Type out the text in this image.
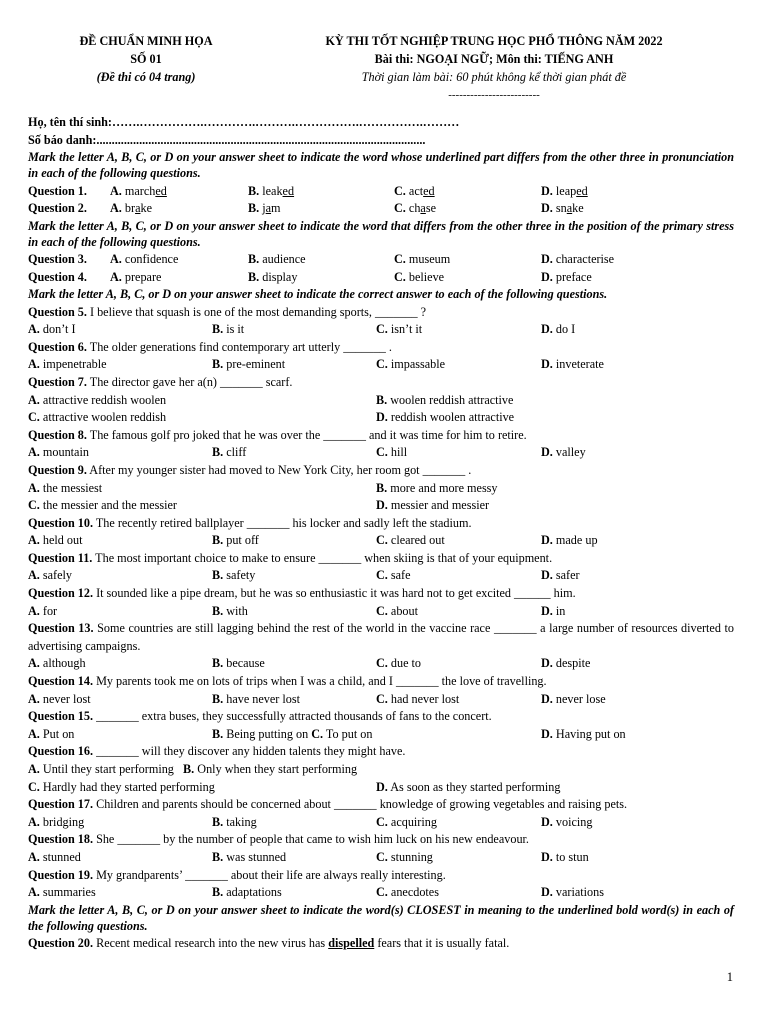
ĐỀ CHUẨN MINH HỌA
SỐ 01
(Đề thi có 04 trang)
KỲ THI TỐT NGHIỆP TRUNG HỌC PHỔ THÔNG NĂM 2022
Bài thi: NGOẠI NGỮ; Môn thi: TIẾNG ANH
Thời gian làm bài: 60 phút không kể thời gian phát đề
-------------------------
Họ, tên thí sinh:…….…………….………….……….…………….…………….………
Số báo danh:............................................................................................................
Mark the letter A, B, C, or D on your answer sheet to indicate the word whose underlined part differs from the other three in pronunciation in each of the following questions.
Question 1. A. marched	B. leaked	C. acted	D. leaped
Question 2. A. brake	B. jam	C. chase	D. snake
Mark the letter A, B, C, or D on your answer sheet to indicate the word that differs from the other three in the position of the primary stress in each of the following questions.
Question 3. A. confidence	B. audience	C. museum	D. characterise
Question 4. A. prepare	B. display	C. believe	D. preface
Mark the letter A, B, C, or D on your answer sheet to indicate the correct answer to each of the following questions.
Question 5. I believe that squash is one of the most demanding sports, _______ ?
A. don’t I	B. is it	C. isn’t it	D. do I
Question 6. The older generations find contemporary art utterly _______ .
A. impenetrable	B. pre-eminent	C. impassable	D. inveterate
Question 7. The director gave her a(n) _______ scarf.
A. attractive reddish woolen	B. woolen reddish attractive
C. attractive woolen reddish	D. reddish woolen attractive
Question 8. The famous golf pro joked that he was over the _______ and it was time for him to retire.
A. mountain	B. cliff	C. hill	D. valley
Question 9. After my younger sister had moved to New York City, her room got _______ .
A. the messiest	B. more and more messy
C. the messier and the messier	D. messier and messier
Question 10. The recently retired ballplayer _______ his locker and sadly left the stadium.
A. held out	B. put off	C. cleared out	D. made up
Question 11. The most important choice to make to ensure _______ when skiing is that of your equipment.
A. safely	B. safety	C. safe	D. safer
Question 12. It sounded like a pipe dream, but he was so enthusiastic it was hard not to get excited ______ him.
A. for	B. with	C. about	D. in
Question 13. Some countries are still lagging behind the rest of the world in the vaccine race _______ a large number of resources diverted to advertising campaigns.
A. although	B. because	C. due to	D. despite
Question 14. My parents took me on lots of trips when I was a child, and I _______ the love of travelling.
A. never lost	B. have never lost	C. had never lost	D. never lose
Question 15. _______ extra buses, they successfully attracted thousands of fans to the concert.
A. Put on	B. Being putting on C. To put on	D. Having put on
Question 16. _______ will they discover any hidden talents they might have.
A. Until they start performing B. Only when they start performing
C. Hardly had they started performing	D. As soon as they started performing
Question 17. Children and parents should be concerned about _______ knowledge of growing vegetables and raising pets.
A. bridging	B. taking	C. acquiring	D. voicing
Question 18. She _______ by the number of people that came to wish him luck on his new endeavour.
A. stunned	B. was stunned	C. stunning	D. to stun
Question 19. My grandparents’ _______ about their life are always really interesting.
A. summaries	B. adaptations	C. anecdotes	D. variations
Mark the letter A, B, C, or D on your answer sheet to indicate the word(s) CLOSEST in meaning to the underlined bold word(s) in each of the following questions.
Question 20. Recent medical research into the new virus has dispelled fears that it is usually fatal.
1
